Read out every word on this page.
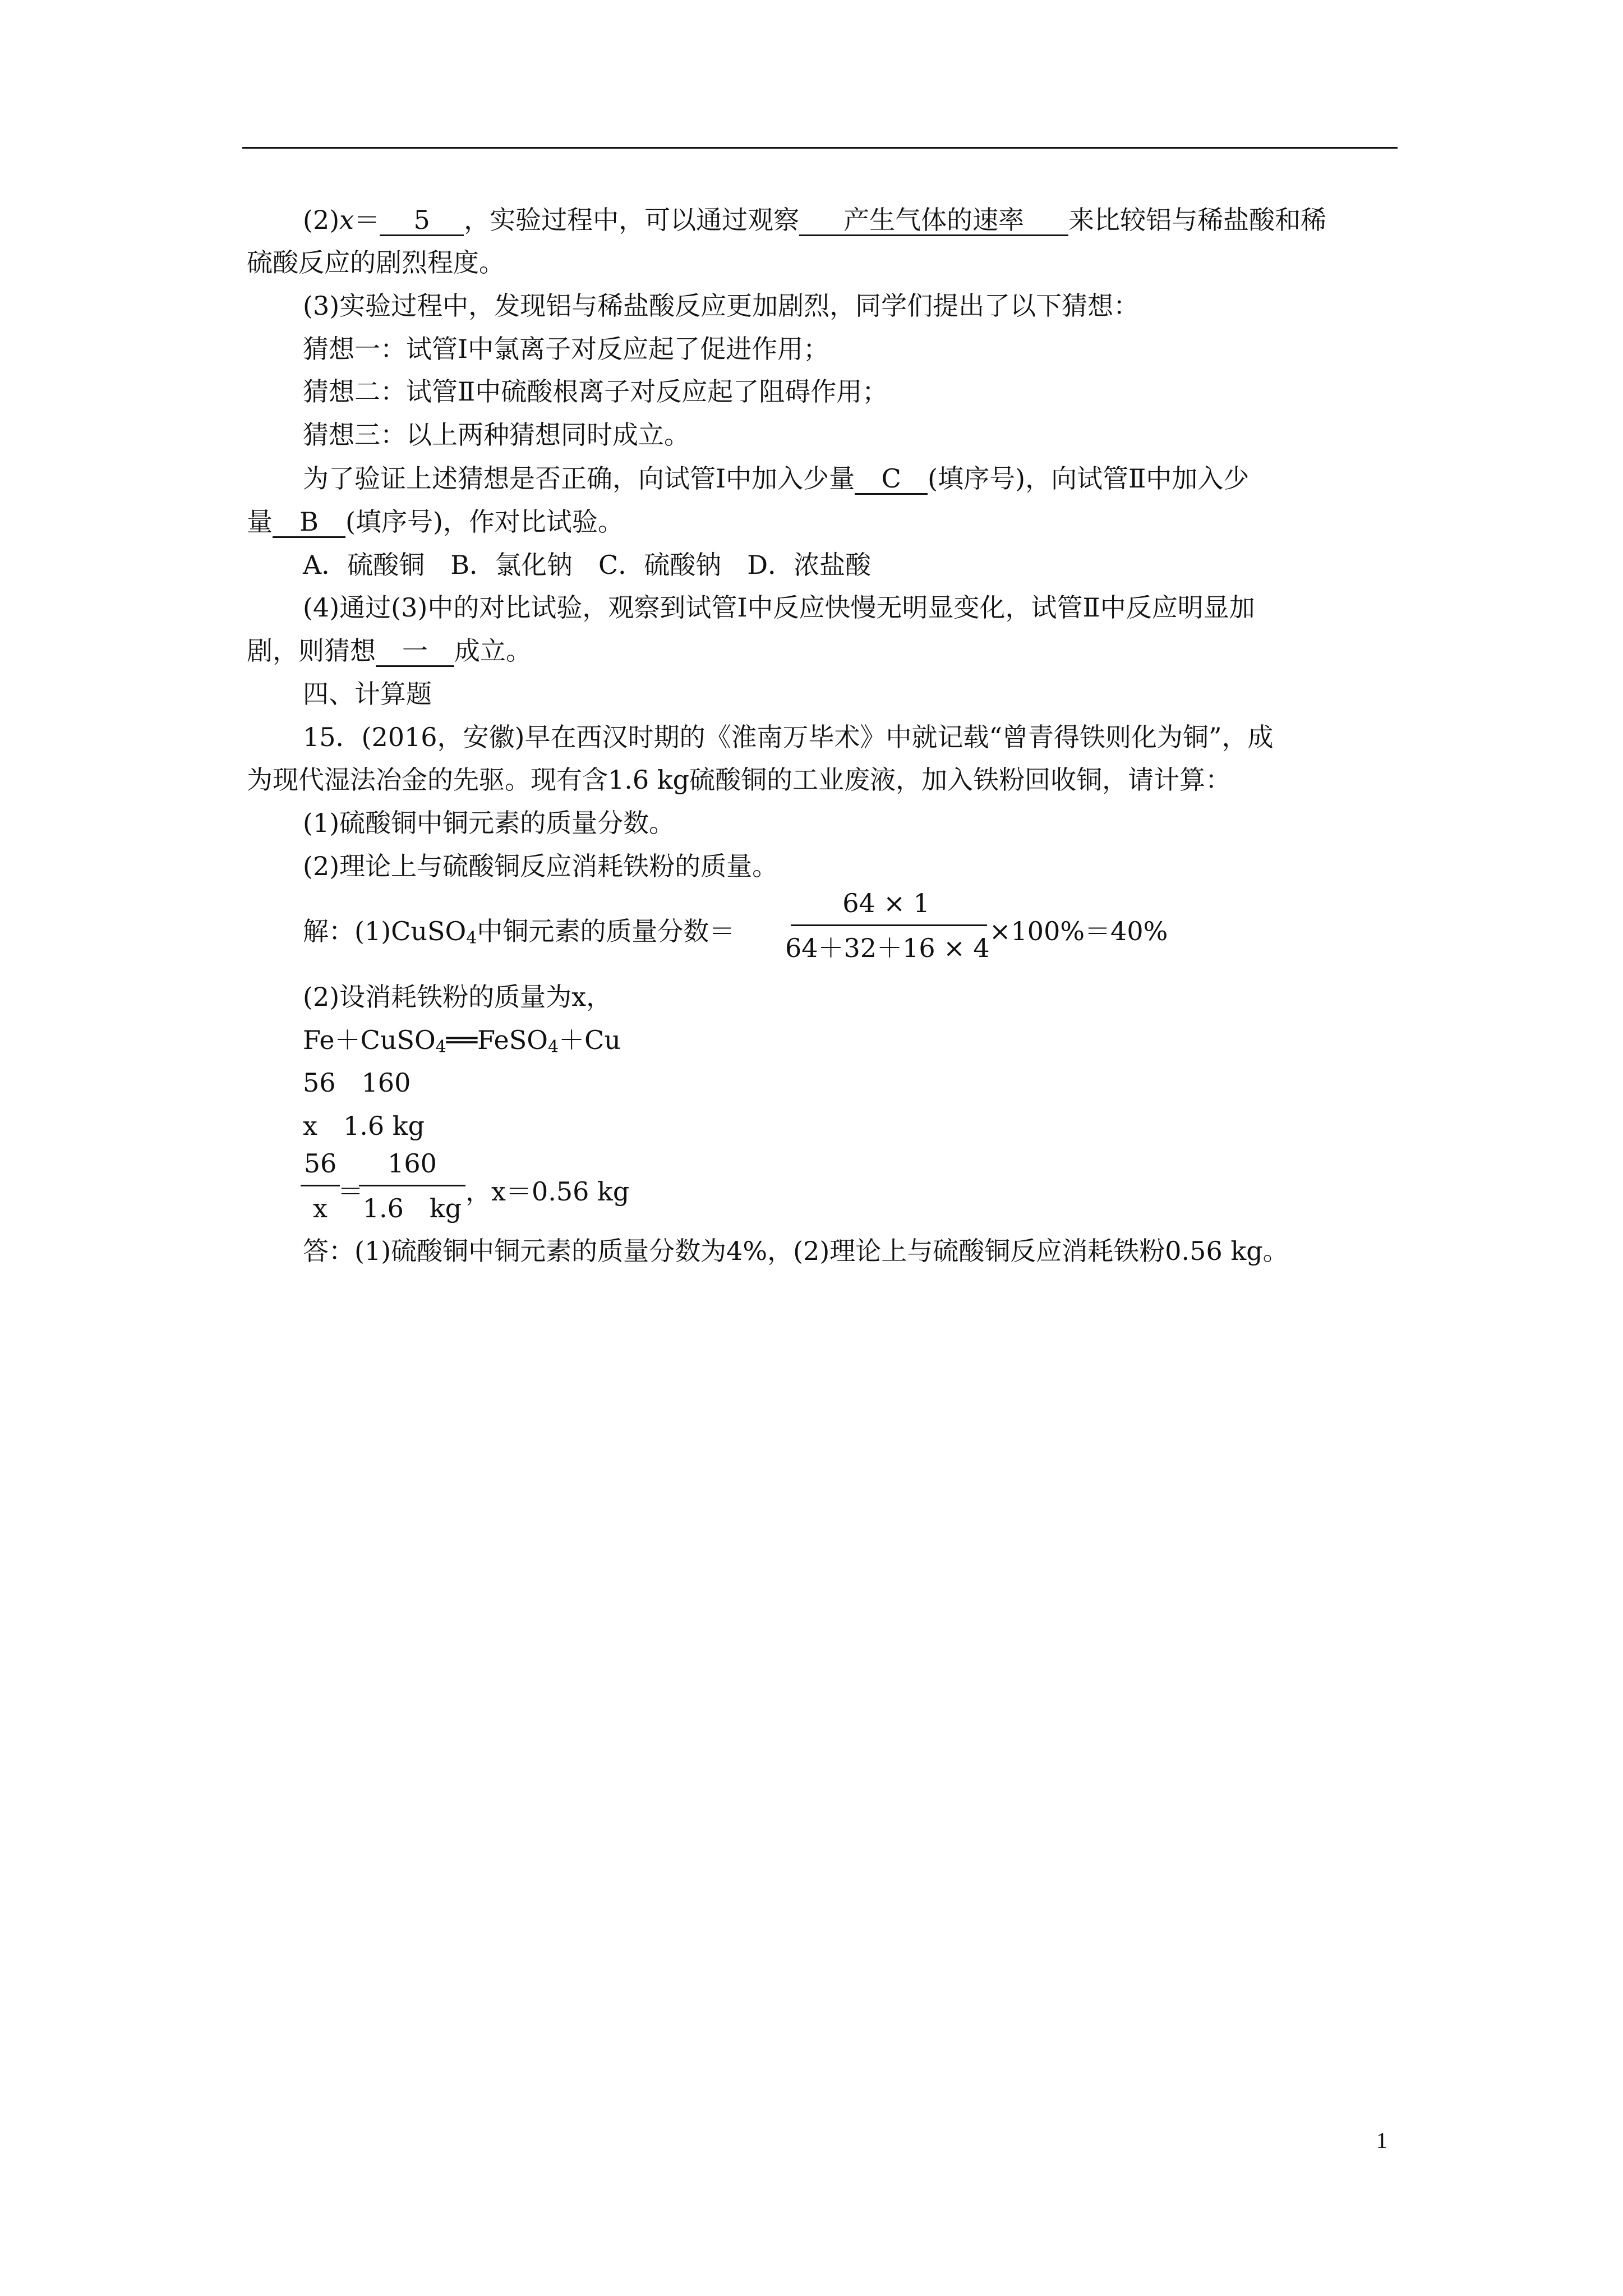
(2)x＝ 5 ，实验过程中，可以通过观察 产生气体的速率 来比较铝与稀盐酸和稀
硫酸反应的剧烈程度。
(3)实验过程中，发现铝与稀盐酸反应更加剧烈，同学们提出了以下猜想：
猜想一：试管Ⅰ中氯离子对反应起了促进作用；
猜想二：试管Ⅱ中硫酸根离子对反应起了阻碍作用；
猜想三：以上两种猜想同时成立。
为了验证上述猜想是否正确，向试管Ⅰ中加入少量 C (填序号)，向试管Ⅱ中加入少
量 B (填序号)，作对比试验。
A．硫酸铜　B．氯化钠　C．硫酸钠　D．浓盐酸
(4)通过(3)中的对比试验，观察到试管Ⅰ中反应快慢无明显变化，试管Ⅱ中反应明显加
剧，则猜想 一 成立。
四、计算题
15．(2016，安徽)早在西汉时期的《淮南万毕术》中就记载“曾青得铁则化为铜”，成
为现代湿法冶金的先驱。现有含1.6 kg硫酸铜的工业废液，加入铁粉回收铜，请计算：
(1)硫酸铜中铜元素的质量分数。
(2)理论上与硫酸铜反应消耗铁粉的质量。
解：(1)CuSO$_4$中铜元素的质量分数＝
64 × 1
64＋32＋16 × 4
×100%＝40%
(2)设消耗铁粉的质量为x，
Fe＋CuSO$_4$══FeSO$_4$＋Cu
56　160
x　1.6 kg
56
x
＝
160
1.6　kg
，x＝0.56 kg
答：(1)硫酸铜中铜元素的质量分数为4%，(2)理论上与硫酸铜反应消耗铁粉0.56 kg。
1
